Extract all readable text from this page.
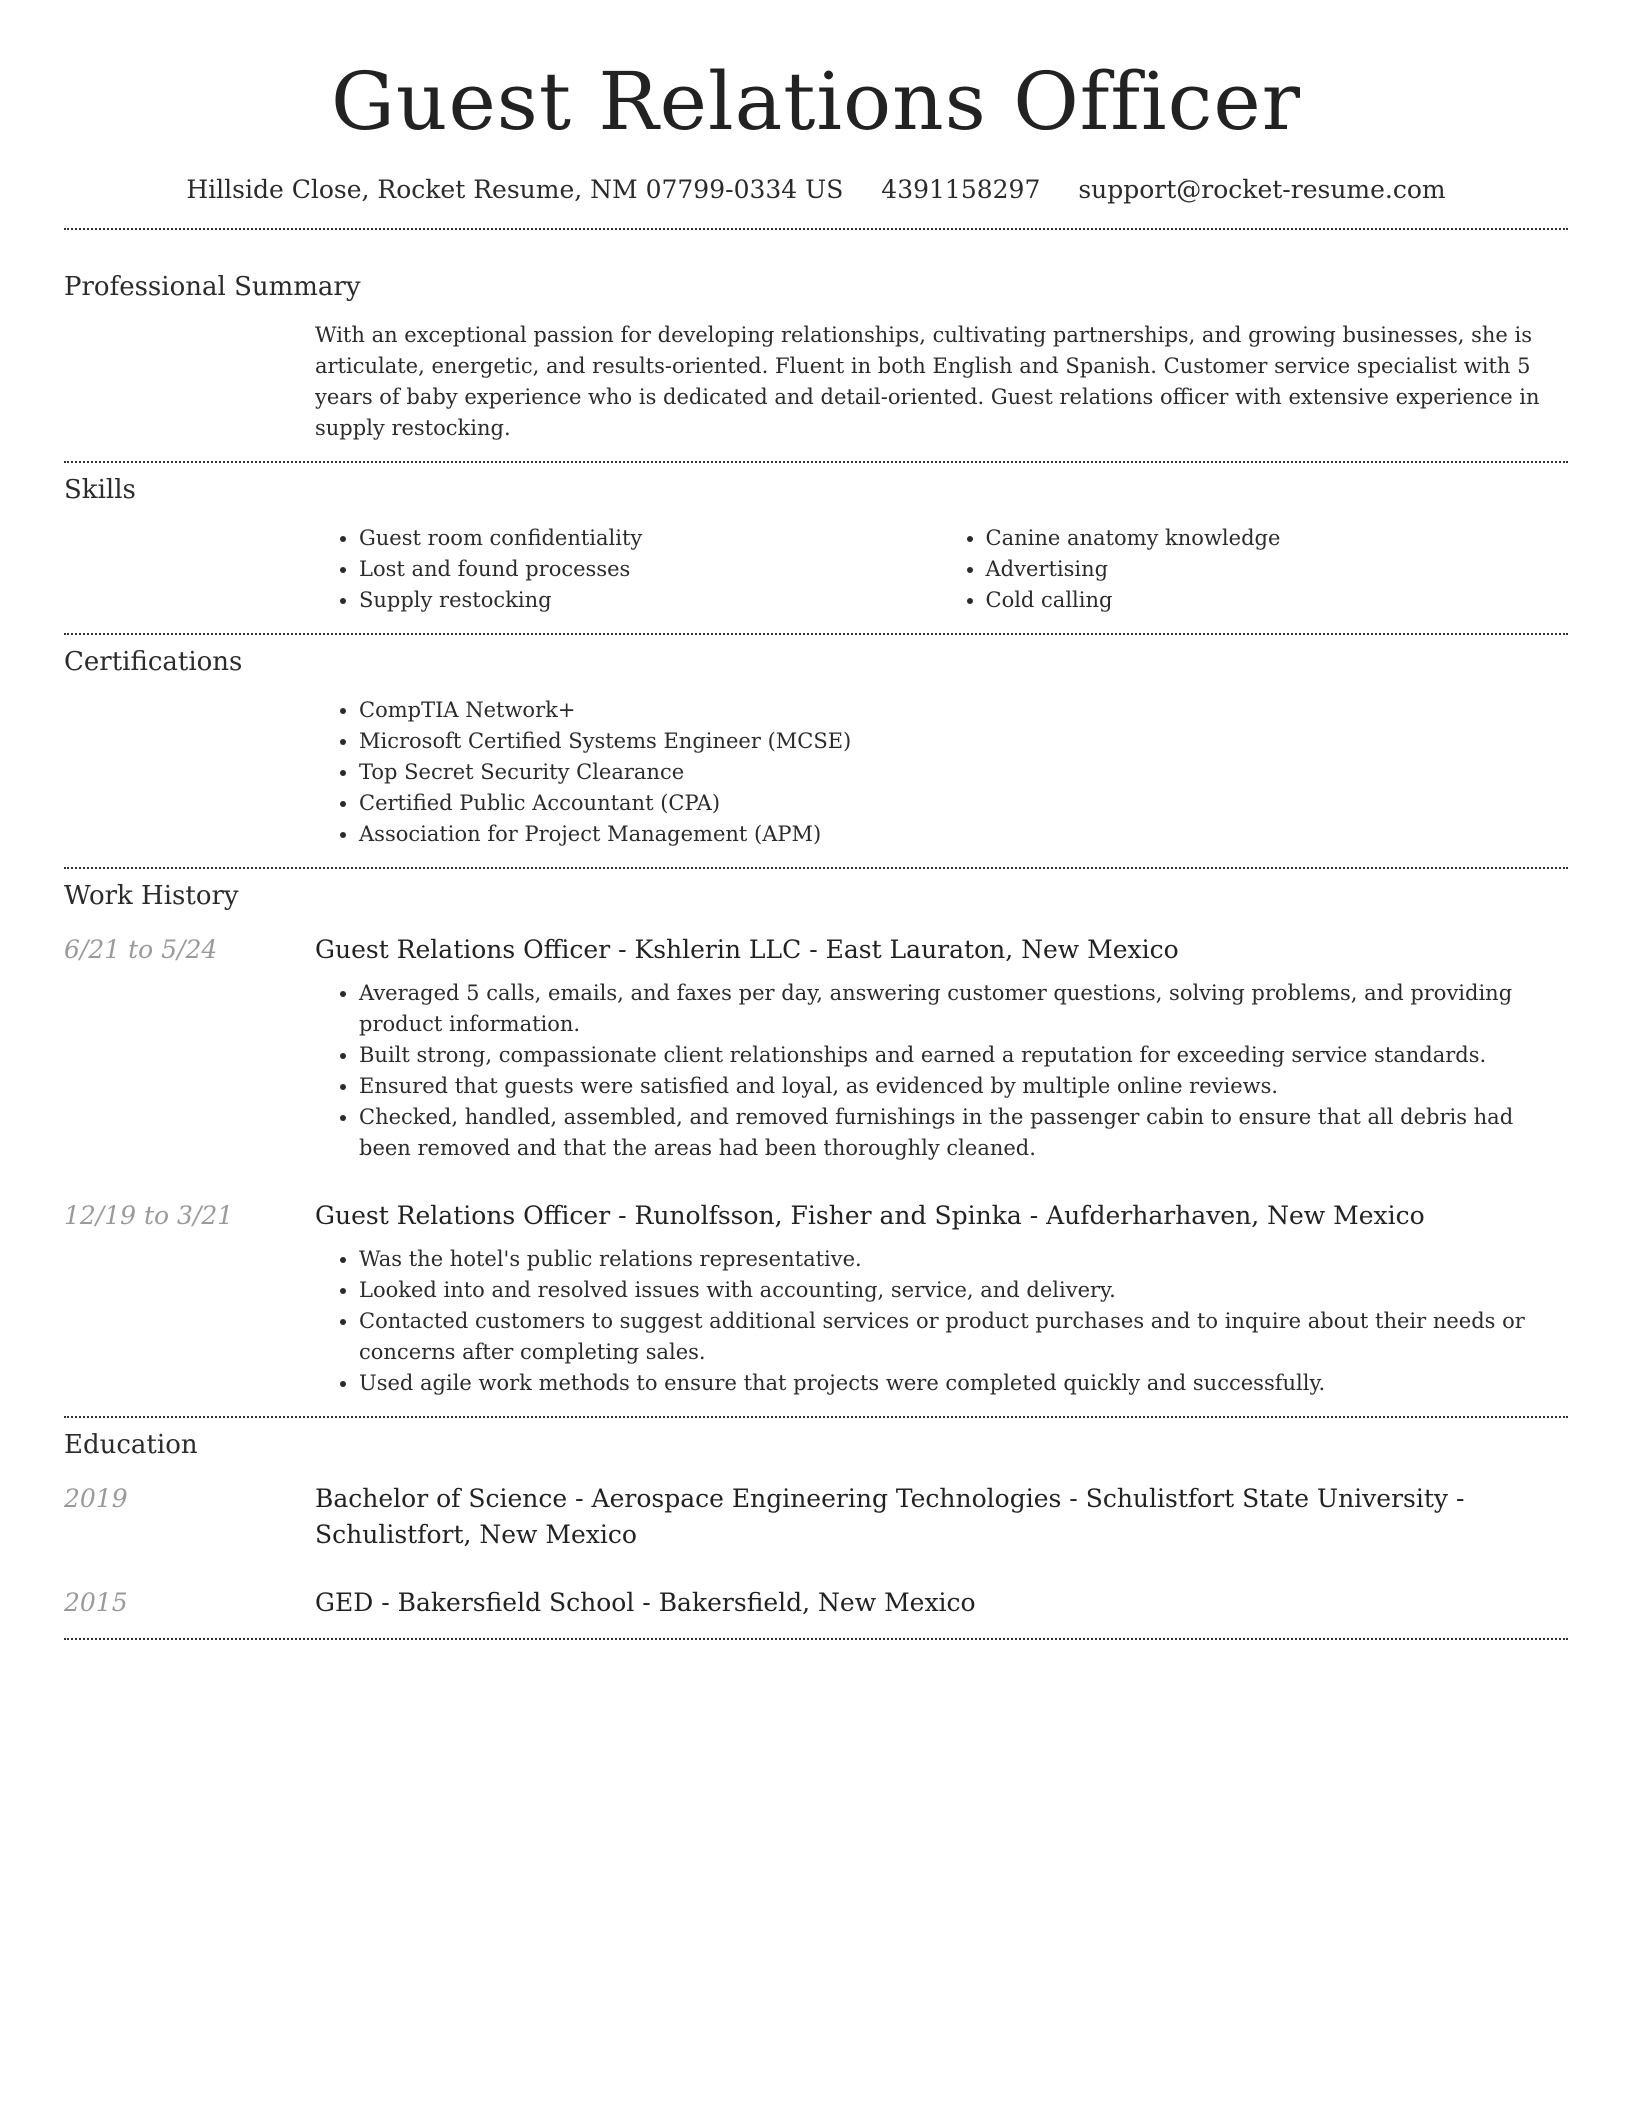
Guest Relations Officer
Hillside Close, Rocket Resume, NM 07799-0334 US 4391158297 support@rocket-resume.com
Professional Summary
With an exceptional passion for developing relationships, cultivating partnerships, and growing businesses, she is articulate, energetic, and results-oriented. Fluent in both English and Spanish. Customer service specialist with 5 years of baby experience who is dedicated and detail-oriented. Guest relations officer with extensive experience in supply restocking.
Skills
• Guest room confidentiality
• Lost and found processes
• Supply restocking
• Canine anatomy knowledge
• Advertising
• Cold calling
Certifications
• CompTIA Network+
• Microsoft Certified Systems Engineer (MCSE)
• Top Secret Security Clearance
• Certified Public Accountant (CPA)
• Association for Project Management (APM)
Work History
6/21 to 5/24	Guest Relations Officer - Kshlerin LLC - East Lauraton, New Mexico
• Averaged 5 calls, emails, and faxes per day, answering customer questions, solving problems, and providing product information.
• Built strong, compassionate client relationships and earned a reputation for exceeding service standards.
• Ensured that guests were satisfied and loyal, as evidenced by multiple online reviews.
• Checked, handled, assembled, and removed furnishings in the passenger cabin to ensure that all debris had been removed and that the areas had been thoroughly cleaned.
12/19 to 3/21	Guest Relations Officer - Runolfsson, Fisher and Spinka - Aufderharhaven, New Mexico
• Was the hotel's public relations representative.
• Looked into and resolved issues with accounting, service, and delivery.
• Contacted customers to suggest additional services or product purchases and to inquire about their needs or concerns after completing sales.
• Used agile work methods to ensure that projects were completed quickly and successfully.
Education
2019	Bachelor of Science - Aerospace Engineering Technologies - Schulistfort State University - Schulistfort, New Mexico
2015	GED - Bakersfield School - Bakersfield, New Mexico
